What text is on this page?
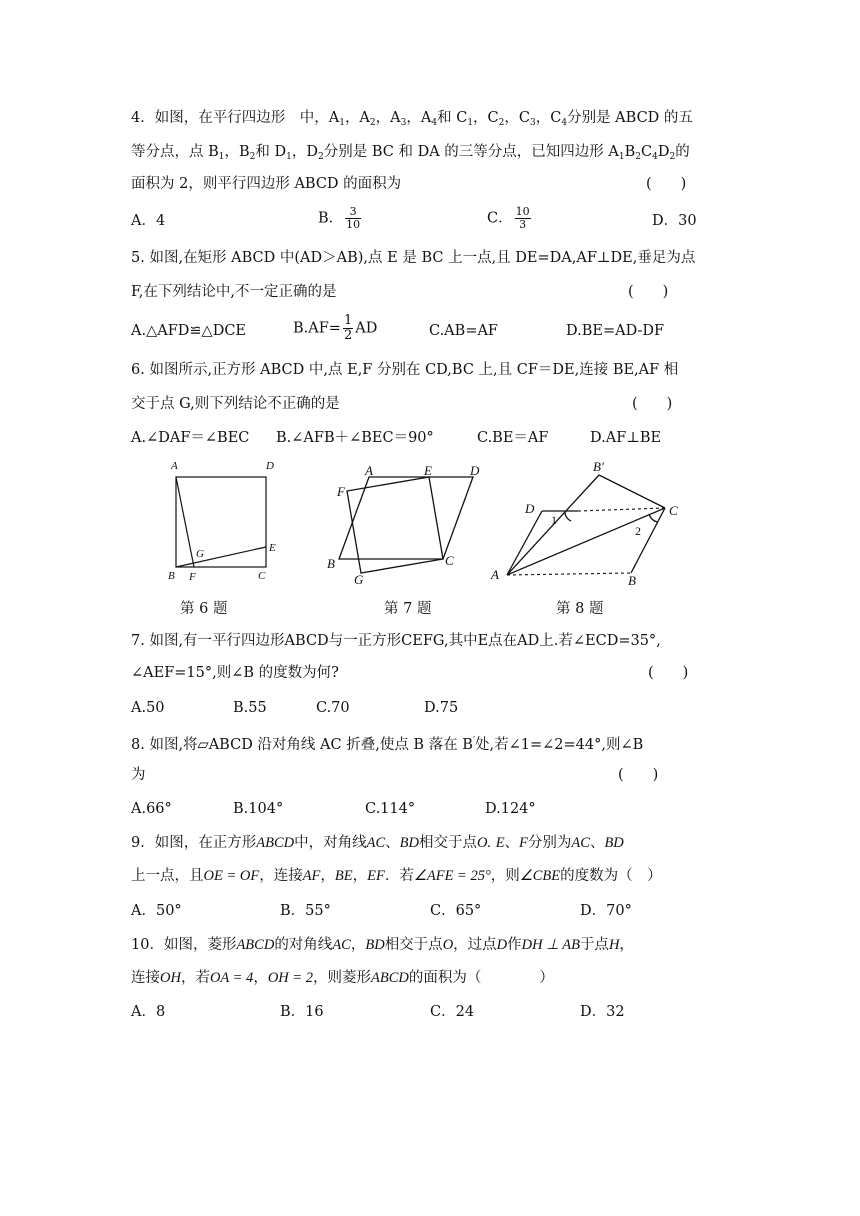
4．如图，在平行四边形　中，$A_1$，$A_2$，$A_3$，$A_4$和 $C_1$，$C_2$，$C_3$，$C_4$分别是 ABCD 的五
等分点，点 $B_1$，$B_2$和 $D_1$，$D_2$分别是 BC 和 DA 的三等分点，已知四边形 $A_1B_2C_4D_2$的
面积为 2，则平行四边形 ABCD 的面积为	(　　)
A．4	B． $\frac{3}{10}$	C． $\frac{10}{3}$	D．30
5. 如图,在矩形 ABCD 中(AD＞AB),点 E 是 BC 上一点,且 DE=DA,AF⊥DE,垂足为点
F,在下列结论中,不一定正确的是	(　　)
A.△AFD≌△DCE	$B.AF= \frac{1}{2}$ AD	C.AB=AF	D.BE=AD-DF
6. 如图所示,正方形 ABCD 中,点 E,F 分别在 CD,BC 上,且 CF＝DE,连接 BE,AF 相
交于点 G,则下列结论不正确的是	(　　)
A.∠DAF＝∠BEC B.∠AFB＋∠BEC＝90°	C.BE＝AF	D.AF⊥BE
A	D
G	E
B F	C
第 6 题
A	E	D
F
B
G
C
第 7 题
B′
D	C
A	B
1
2
第 8 题
7. 如图,有一平行四边形ABCD与一正方形CEFG,其中E点在AD上.若∠ECD=35°,
∠AEF=15°,则∠B 的度数为何?	(　　)
A.50	B.55	C.70	D.75
8. 如图,将▱ABCD 沿对角线 AC 折叠,使点 B 落在 B′处,若∠1=∠2=44°,则∠B
为	(　　)
A.66°	B.104°	C.114°	D.124°
9．如图，在正方形ABCD中，对角线AC、BD相交于点O. E、F分别为AC、BD
上一点，且OE = OF，连接AF，BE，EF．若∠AFE = 25°，则∠CBE的度数为（　）
A．50°	B．55°	C．65°	D．70°
10．如图，菱形ABCD的对角线AC，BD相交于点O，过点D作DH ⊥ AB于点H，
连接OH，若OA = 4，OH = 2，则菱形ABCD的面积为（　　　　）
A．8	B．16	C．24	D．32
